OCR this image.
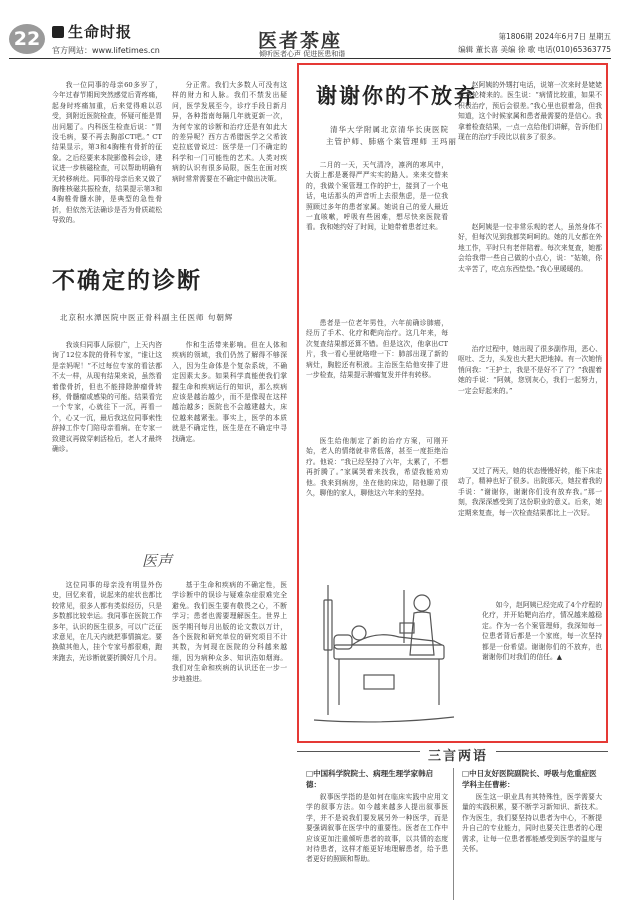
22	生命时报
官方网站：www.lifetimes.cn	医者茶座
倾听医者心声 促进医患和谐
第1806期 2024年6月7日 星期五
编辑 董长喜 美编 徐 歌 电话(010)65363775

我一位同事的母亲60多岁了，今年过春节期间突然感觉后背疼痛，起身时疼痛加重，后来觉得难以忍受，到附近医院检查，怀疑可能是胃出问题了。内科医生检查后说：“胃没毛病，要不再去胸部CT吧。” CT结果显示，第3和4胸椎有骨折的征象。之后经要来本院影像科会诊，建议进一步核磁检查，可以帮助明确有无转移病灶。同事的母亲后来又做了胸椎核磁共振检查，结果提示第3和4胸椎骨髓水肿，是典型的急性骨折，但依然无法确诊是否为骨质疏松导致的。

分正常。我们大多数人可没有这样的财力和人脉。我们不禁发出疑问，医学发展至今，诊疗手段日新月异，各种指南每隔几年就更新一次，为何专家的诊断和治疗还是有如此大的差异呢？西方古希腊医学之父希波克拉底曾说过：医学是一门不确定的科学和一门可能性的艺术。人类对疾病的认识有很多局限，医生在面对疾病时常常需要在不确定中做出决策。

不确定的诊断
北京积水潭医院中医正骨科副主任医师 句朝辉

我该归同事人际很广，上天内咨询了12位本院的骨科专家，“谁让这是亲妈呢！”不过每位专家的看法都不太一样，从现有结果来说，虽然看着像骨折，但也不能排除肿瘤骨转移，骨髓瘤或感染的可能。结果看完一个专家，心就往下一沉，再看一个，心又一沉，最后我这位同事索性辞掉工作专门陪母亲看病。在专家一致建议再做穿刺活检后，老人才最终确诊。

这位同事的母亲没有明显外伤史，回忆来看，说起来的症状也都比较常见，很多人都有类似经历，只是多数都比较幸运。我同事在医院工作多年，认识的医生很多，可以广泛征求意见，在几天内就把事情搞定。要换做其他人，挂个专家号都很难，跑来跑去，光诊断就要折腾好几个月。

作和生活带来影响。但在人体和疾病的领域，我们仍然了解得不够深入，因为生命体是个复杂系统，不确定因素太多。如果科学真能使我们掌握生命和疾病运行的知识，那么疾病应该是越治越少，而不是像现在这样越治越多；医院也不会越建越大，床位越来越紧张。事实上，医学的本质就是不确定性，医生是在不确定中寻找确定。

基于生命和疾病的不确定性，医学诊断中的误诊与疑难杂症很难完全避免。我们医生要有敬畏之心，不断学习；患者也需要理解医生。世界上医学期刊每月出版的论文数以万计，各个医院和研究单位的研究项目不计其数，为何现在医院的分科越来越细，因为病种众多、知识浩如烟海。我们对生命和疾病的认识还在一步一步地推进。

医声
谢谢你的不放弃
清华大学附属北京清华长庚医院
主管护师、肺癌个案管理师 王玛丽

二月的一天，天气清冷，凛冽的寒风中，大街上都是裹得严严实实的路人。来来交替来的，我做个案管理工作的护士，接到了一个电话，电话那头的声音听上去很焦虑，是一位我照顾过多年的患者家属。她说自己的爱人最近一直咳嗽，呼吸有些困难，想尽快来医院看看。我和她约好了时间，让她带着患者过来。

患者是一位老年男性，六年前确诊肺癌，经历了手术、化疗和靶向治疗。这几年来，每次复查结果都还算不错。但是这次，他拿出CT片，我一看心里就咯噔一下：肺部出现了新的病灶，胸腔还有积液。主治医生给他安排了进一步检查，结果提示肿瘤复发并伴有转移。

医生给他制定了新的治疗方案，可刚开始，老人的情绪就非常低落，甚至一度拒绝治疗。他说：“我已经坚持了六年，太累了，不想再折腾了。”家属哭着来找我，希望我能劝劝他。我来到病房，坐在他的床边，陪他聊了很久，聊他的家人，聊他这六年来的坚持。

赵阿姨的外甥打电话，说第一次来时是姥姥推着轮椅来的。医生说：“病情比较重，如果不积极治疗，预后会很差。”我心里也很着急，但我知道，这个时候家属和患者最需要的是信心。我拿着检查结果，一点一点给他们讲解，告诉他们现在的治疗手段比以前多了很多。

赵阿姨是一位非常乐观的老人，虽然身体不好，但每次见到我都笑呵呵的。她的儿女都在外地工作，平时只有老伴陪着。每次来复查，她都会给我带一些自己做的小点心，说：“姑娘，你太辛苦了，吃点东西垫垫。”我心里暖暖的。

治疗过程中，她出现了很多副作用，恶心、呕吐、乏力，头发也大把大把地掉。有一次她悄悄问我：“王护士，我是不是好不了了？”我握着她的手说：“阿姨，您别灰心，我们一起努力，一定会好起来的。”

又过了两天，她的状态慢慢好转，能下床走动了，精神也好了很多。出院那天，她拉着我的手说：“谢谢你，谢谢你们没有放弃我。”那一刻，我深深感受到了这份职业的意义。后来，她定期来复查，每一次检查结果都比上一次好。

如今，赵阿姨已经完成了4个疗程的化疗，并开始靶向治疗，情况越来越稳定。作为一名个案管理师，我深知每一位患者背后都是一个家庭，每一次坚持都是一份希望。谢谢你们的不放弃，也谢谢你们对我们的信任。▲

三言两语
□中国科学院院士、病理生理学家韩启德：

叙事医学指的是如何在临床实践中应用文学的叙事方法。如今越来越多人提出叙事医学，并不是说我们要发展另外一种医学，而是要强调叙事在医学中的重要性。医者在工作中应该更加注重倾听患者的故事，以共情的态度对待患者，这样才能更好地理解患者，给予患者更好的照顾和帮助。

□中日友好医院副院长、呼吸与危重症医学科主任曹彬：

医生这一职业具有其特殊性，医学需要大量的实践积累，要不断学习新知识、新技术。作为医生，我们要坚持以患者为中心，不断提升自己的专业能力，同时也要关注患者的心理需求，让每一位患者都能感受到医学的温度与关怀。
